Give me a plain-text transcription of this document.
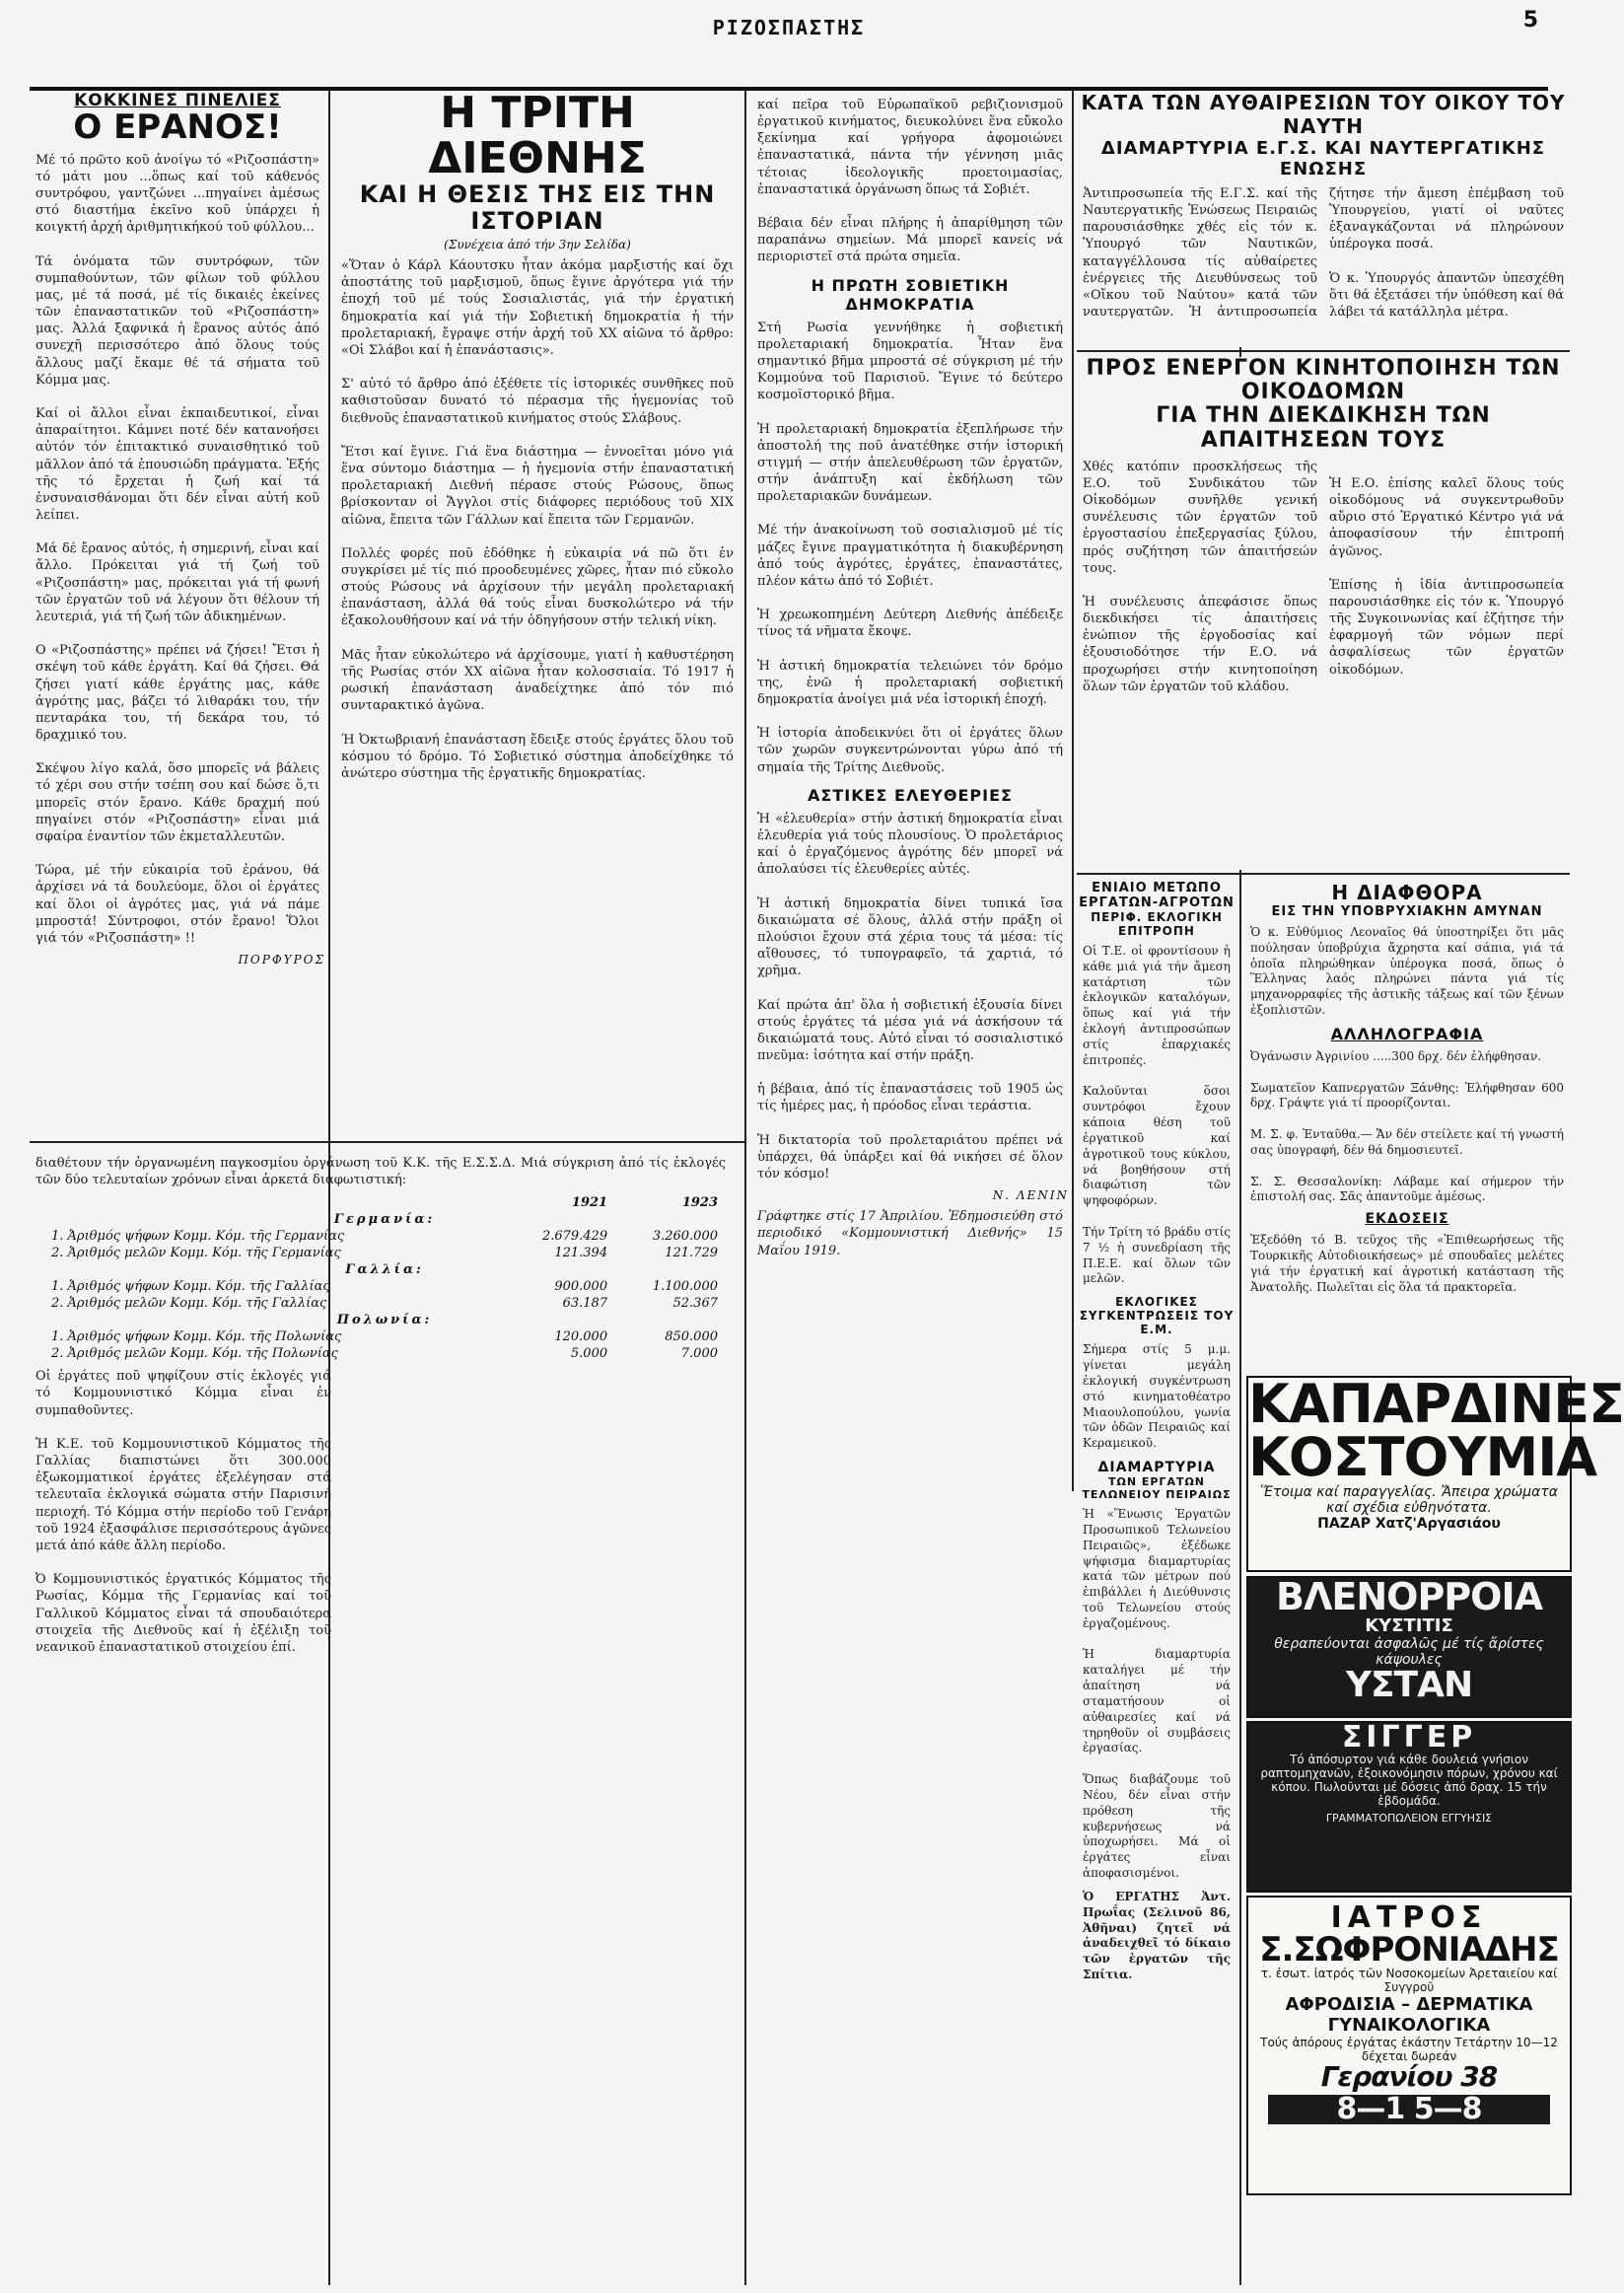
ΡΙΖΟΣΠΑΣΤΗΣ	5
ΚΟΚΚΙΝΕΣ ΠΙΝΕΛΙΕΣ
Ο ΕΡΑΝΟΣ!
Μέ τό πρῶτο κοῦ ἀνοίγω τό «Ριζοσπάστη» τό μάτι μου ...ὅπως καί τοῦ κάθενός συντρόφου, γαντζώνει ...πηγαίνει ἀμέσως στό διαστήμα ἐκεῖνο κοῦ ὑπάρχει ἡ κοιγκτή ἀρχή ἀριθμητικήκού τοῦ φύλλου...

Τά ὀνόματα τῶν συντρόφων, τῶν συμπαθούντων, τῶν φίλων τοῦ φύλλου μας, μέ τά ποσά, μέ τίς δικαιές ἐκείνες τῶν ἐπαναστατικῶν τοῦ «Ριζοσπάστη» μας. Ἀλλά ξαφνικά ἡ ἔρανος αὐτός ἀπό συνεχῆ περισσότερο ἀπό ὅλους τούς ἄλλους μαζί ἔκαμε θέ τά σήματα τοῦ Κόμμα μας.

Καί οἱ ἄλλοι εἶναι ἐκπαιδευτικοί, εἶναι ἀπαραίτητοι. Κάμνει ποτέ δέν κατανοήσει αὐτόν τόν ἐπιτακτικό συναισθητικό τοῦ μᾶλλον ἀπό τά ἐπουσιώδη πράγματα. Ἐξής τῆς τό ἔρχεται ἡ ζωή καί τά ἐνσυναισθάνομαι ὅτι δέν εἶναι αὐτή κοῦ λείπει.

Μά δέ ἔρανος αὐτός, ἡ σημερινή, εἶναι καί ἄλλο. Πρόκειται γιά τή ζωή τοῦ «Ριζοσπάστη» μας, πρόκειται γιά τή φωνή τῶν ἐργατῶν τοῦ νά λέγουν ὅτι θέλουν τή λευτεριά, γιά τή ζωή τῶν ἀδικημένων.

Ο «Ριζοσπάστης» πρέπει νά ζήσει! Ἔτσι ἡ σκέψη τοῦ κάθε ἐργάτη. Καί θά ζήσει. Θά ζήσει γιατί κάθε ἐργάτης μας, κάθε ἀγρότης μας, βάζει τό λιθαράκι του, τήν πενταράκα του, τή δεκάρα του, τό δραχμικό του.

Σκέψου λίγο καλά, ὅσο μπορεῖς νά βάλεις τό χέρι σου στήν τσέπη σου καί δώσε ὅ,τι μπορεῖς στόν ἔρανο. Κάθε δραχμή πού πηγαίνει στόν «Ριζοσπάστη» εἶναι μιά σφαίρα ἐναντίον τῶν ἐκμεταλλευτῶν.

Τώρα, μέ τήν εὐκαιρία τοῦ ἐράνου, θά ἀρχίσει νά τά δουλεύομε, ὅλοι οἱ ἐργάτες καί ὅλοι οἱ ἀγρότες μας, γιά νά πάμε μπροστά! Σύντροφοι, στόν ἔρανο! Ὅλοι γιά τόν «Ριζοσπάστη» !!
ΠΟΡΦΥΡΟΣ
Η ΤΡΙΤΗ ΔΙΕΘΝΗΣ
ΚΑΙ Η ΘΕΣΙΣ ΤΗΣ ΕΙΣ ΤΗΝ ΙΣΤΟΡΙΑΝ
(Συνέχεια ἀπό τήν 3ην Σελίδα)
«Ὅταν ὁ Κάρλ Κάουτσκυ ἦταν ἀκόμα μαρξιστής καί ὄχι ἀποστάτης τοῦ μαρξισμοῦ, ὅπως ἔγινε ἀργότερα γιά τήν ἐποχή τοῦ μέ τούς Σοσιαλιστάς, γιά τήν ἐργατική δημοκρατία καί γιά τήν Σοβιετική δημοκρατία ἡ τήν προλεταριακή, ἔγραψε στήν ἀρχή τοῦ ΧΧ αἰῶνα τό ἄρθρο: «Οἱ Σλάβοι καί ἡ ἐπανάστασις».

Σ' αὐτό τό ἄρθρο ἀπό ἐξέθετε τίς ἱστορικές συνθῆκες ποῦ καθιστοῦσαν δυνατό τό πέρασμα τῆς ἡγεμονίας τοῦ διεθνοῦς ἐπαναστατικοῦ κινήματος στούς Σλάβους.

Ἔτσι καί ἔγινε. Γιά ἕνα διάστημα — ἐννοεῖται μόνο γιά ἕνα σύντομο διάστημα — ἡ ἡγεμονία στήν ἐπαναστατική προλεταριακή Διεθνή πέρασε στούς Ρώσους, ὅπως βρίσκονταν οἱ Ἄγγλοι στίς διάφορες περιόδους τοῦ XIX αἰῶνα, ἔπειτα τῶν Γάλλων καί ἔπειτα τῶν Γερμανῶν.

Πολλές φορές ποῦ ἐδόθηκε ἡ εὐκαιρία νά πῶ ὅτι ἐν συγκρίσει μέ τίς πιό προοδευμένες χῶρες, ἦταν πιό εὔκολο στούς Ρώσους νά ἀρχίσουν τήν μεγάλη προλεταριακή ἐπανάσταση, ἀλλά θά τούς εἶναι δυσκολώτερο νά τήν ἐξακολουθήσουν καί νά τήν ὁδηγήσουν στήν τελική νίκη.

Μᾶς ἦταν εὐκολώτερο νά ἀρχίσουμε, γιατί ἡ καθυστέρηση τῆς Ρωσίας στόν XX αἰῶνα ἦταν κολοσσιαία. Τό 1917 ἡ ρωσική ἐπανάσταση ἀναδείχτηκε ἀπό τόν πιό συνταρακτικό ἀγῶνα.

Ή Ὀκτωβριανή ἐπανάσταση ἔδειξε στούς ἐργάτες ὅλου τοῦ κόσμου τό δρόμο. Τό Σοβιετικό σύστημα ἀποδείχθηκε τό ἀνώτερο σύστημα τῆς ἐργατικῆς δημοκρατίας.
διαθέτουν τήν ὀργανωμένη παγκοσμίου ὀργάνωση τοῦ Κ.Κ. τῆς Ε.Σ.Σ.Δ. Μιά σύγκριση ἀπό τίς ἐκλογές τῶν δύο τελευταίων χρόνων εἶναι ἀρκετά διαφωτιστική:
	1921	1923
Γερμανία:		
1. Ἀριθμός ψήφων Κομμ. Κόμ. τῆς Γερμανίας	2.679.429	3.260.000
2. Ἀριθμός μελῶν Κομμ. Κόμ. τῆς Γερμανίας	121.394	121.729
Γαλλία:		
1. Ἀριθμός ψήφων Κομμ. Κόμ. τῆς Γαλλίας	900.000	1.100.000
2. Ἀριθμός μελῶν Κομμ. Κόμ. τῆς Γαλλίας	63.187	52.367
Πολωνία:		
1. Ἀριθμός ψήφων Κομμ. Κόμ. τῆς Πολωνίας	120.000	850.000
2. Ἀριθμός μελῶν Κομμ. Κόμ. τῆς Πολωνίας	5.000	7.000
Οἱ ἐργάτες ποῦ ψηφίζουν στίς ἐκλογές γιά τό Κομμουνιστικό Κόμμα εἶναι ἐν συμπαθοῦντες.

Ἡ Κ.Ε. τοῦ Κομμουνιστικοῦ Κόμματος τῆς Γαλλίας διαπιστώνει ὅτι 300.000 ἐξωκομματικοί ἐργάτες ἐξελέγησαν στά τελευταῖα ἐκλογικά σώματα στήν Παρισινή περιοχή. Τό Κόμμα στήν περίοδο τοῦ Γενάρη τοῦ 1924 ἐξασφάλισε περισσότερους ἀγῶνες μετά ἀπό κάθε ἄλλη περίοδο.

Ὀ Κομμουνιστικός ἐργατικός Κόμματος τῆς Ρωσίας, Κόμμα τῆς Γερμανίας καί τοῦ Γαλλικοῦ Κόμματος εἶναι τά σπουδαιότερα στοιχεῖα τῆς Διεθνοῦς καί ἡ ἐξέλιξη τοῦ νεανικοῦ ἐπαναστατικοῦ στοιχείου ἐπί.
καί πεῖρα τοῦ Εὐρωπαϊκοῦ ρεβιζιονισμοῦ ἐργατικοῦ κινήματος, διευκολύνει ἕνα εὔκολο ξεκίνημα καί γρήγορα ἀφομοιώνει ἐπαναστατικά, πάντα τήν γέννηση μιᾶς τέτοιας ἰδεολογικῆς προετοιμασίας, ἐπαναστατικά ὀργάνωση ὅπως τά Σοβιέτ.

Βέβαια δέν εἶναι πλήρης ἡ ἀπαρίθμηση τῶν παραπάνω σημείων. Μά μπορεῖ κανείς νά περιοριστεῖ στά πρώτα σημεῖα.
Η ΠΡΩΤΗ ΣΟΒΙΕΤΙΚΗ ΔΗΜΟΚΡΑΤΙΑ
Στή Ρωσία γεννήθηκε ἡ σοβιετική προλεταριακή δημοκρατία. Ἦταν ἕνα σημαντικό βῆμα μπροστά σέ σύγκριση μέ τήν Κομμούνα τοῦ Παρισιοῦ. Ἔγινε τό δεύτερο κοσμοϊστορικό βῆμα.

Ἡ προλεταριακή δημοκρατία ἐξεπλήρωσε τήν ἀποστολή της ποῦ ἀνατέθηκε στήν ἱστορική στιγμή — στήν ἀπελευθέρωση τῶν ἐργατῶν, στήν ἀνάπτυξη καί ἐκδήλωση τῶν προλεταριακῶν δυνάμεων.

Μέ τήν ἀνακοίνωση τοῦ σοσιαλισμοῦ μέ τίς μάζες ἔγινε πραγματικότητα ἡ διακυβέρνηση ἀπό τούς ἀγρότες, ἐργάτες, ἐπαναστάτες, πλέον κάτω ἀπό τό Σοβιέτ.

Ἡ χρεωκοπημένη Δεύτερη Διεθνής ἀπέδειξε τίνος τά νῆματα ἔκοψε.

Ἡ ἀστική δημοκρατία τελειώνει τόν δρόμο της, ἐνῶ ἡ προλεταριακή σοβιετική δημοκρατία ἀνοίγει μιά νέα ἱστορική ἐποχή.

Ἡ ἱστορία ἀποδεικνύει ὅτι οἱ ἐργάτες ὅλων τῶν χωρῶν συγκεντρώνονται γύρω ἀπό τή σημαία τῆς Τρίτης Διεθνοῦς.
ΑΣΤΙΚΕΣ ΕΛΕΥΘΕΡΙΕΣ
Ἡ «ἐλευθερία» στήν ἀστική δημοκρατία εἶναι ἐλευθερία γιά τούς πλουσίους. Ὁ προλετάριος καί ὁ ἐργαζόμενος ἀγρότης δέν μπορεῖ νά ἀπολαύσει τίς ἐλευθερίες αὐτές.

Ἡ ἀστική δημοκρατία δίνει τυπικά ἴσα δικαιώματα σέ ὅλους, ἀλλά στήν πράξη οἱ πλούσιοι ἔχουν στά χέρια τους τά μέσα: τίς αἴθουσες, τό τυπογραφεῖο, τά χαρτιά, τό χρῆμα.

Καί πρώτα ἀπ' ὅλα ἡ σοβιετική ἐξουσία δίνει στούς ἐργάτες τά μέσα γιά νά ἀσκήσουν τά δικαιώματά τους. Αὐτό εἶναι τό σοσιαλιστικό πνεῦμα: ἰσότητα καί στήν πράξη.

ἡ βέβαια, ἀπό τίς ἐπαναστάσεις τοῦ 1905 ὡς τίς ἡμέρες μας, ἡ πρόοδος εἶναι τεράστια.

Ἡ δικτατορία τοῦ προλεταριάτου πρέπει νά ὑπάρχει, θά ὑπάρξει καί θά νικήσει σέ ὅλον τόν κόσμο!
Ν. ΛΕΝΙΝ
Γράφτηκε στίς 17 Ἀπριλίου. Ἐδημοσιεύθη στό περιοδικό «Κομμουνιστική Διεθνής» 15 Μαΐου 1919.
ΚΑΤΑ ΤΩΝ ΑΥΘΑΙΡΕΣΙΩΝ ΤΟΥ ΟΙΚΟΥ ΤΟΥ ΝΑΥΤΗ
ΔΙΑΜΑΡΤΥΡΙΑ Ε.Γ.Σ. ΚΑΙ ΝΑΥΤΕΡΓΑΤΙΚΗΣ ΕΝΩΣΗΣ
Ἀντιπροσωπεία τῆς Ε.Γ.Σ. καί τῆς Ναυτεργατικῆς Ἑνώσεως Πειραιῶς παρουσιάσθηκε χθές εἰς τόν κ. Ὑπουργό τῶν Ναυτικῶν, καταγγέλλουσα τίς αὐθαίρετες ἐνέργειες τῆς Διευθύνσεως τοῦ «Οἴκου τοῦ Ναύτου» κατά τῶν ναυτεργατῶν. Ἡ ἀντιπροσωπεία ζήτησε τήν ἄμεση ἐπέμβαση τοῦ Ὑπουργείου, γιατί οἱ ναῦτες ἐξαναγκάζονται νά πληρώνουν ὑπέρογκα ποσά.

Ὁ κ. Ὑπουργός ἀπαντῶν ὑπεσχέθη ὅτι θά ἐξετάσει τήν ὑπόθεση καί θά λάβει τά κατάλληλα μέτρα.
ΠΡΟΣ ΕΝΕΡΓΟΝ ΚΙΝΗΤΟΠΟΙΗΣΗ ΤΩΝ ΟΙΚΟΔΟΜΩΝ
ΓΙΑ ΤΗΝ ΔΙΕΚΔΙΚΗΣΗ ΤΩΝ ΑΠΑΙΤΗΣΕΩΝ ΤΟΥΣ
Χθές κατόπιν προσκλήσεως τῆς Ε.Ο. τοῦ Συνδικάτου τῶν Οἰκοδόμων συνῆλθε γενική συνέλευσις τῶν ἐργατῶν τοῦ ἐργοστασίου ἐπεξεργασίας ξύλου, πρός συζήτηση τῶν ἀπαιτήσεών τους.

Ἡ συνέλευσις ἀπεφάσισε ὅπως διεκδικήσει τίς ἀπαιτήσεις ἐνώπιον τῆς ἐργοδοσίας καί ἐξουσιοδότησε τήν Ε.Ο. νά προχωρήσει στήν κινητοποίηση ὅλων τῶν ἐργατῶν τοῦ κλάδου.

Ἡ Ε.Ο. ἐπίσης καλεῖ ὅλους τούς οἰκοδόμους νά συγκεντρωθοῦν αὔριο στό Ἐργατικό Κέντρο γιά νά ἀποφασίσουν τήν ἐπιτροπή ἀγῶνος.

Ἐπίσης ἡ ἰδία ἀντιπροσωπεία παρουσιάσθηκε εἰς τόν κ. Ὑπουργό τῆς Συγκοινωνίας καί ἐζήτησε τήν ἐφαρμογή τῶν νόμων περί ἀσφαλίσεως τῶν ἐργατῶν οἰκοδόμων.
ΕΝΙΑΙΟ ΜΕΤΩΠΟ ΕΡΓΑΤΩΝ-ΑΓΡΟΤΩΝ
ΠΕΡΙΦ. ΕΚΛΟΓΙΚΗ ΕΠΙΤΡΟΠΗ
Οἱ Τ.Ε. οἱ φροντίσουν ἡ κάθε μιά γιά τήν ἄμεση κατάρτιση τῶν ἐκλογικῶν καταλόγων, ὅπως καί γιά τήν ἐκλογή ἀντιπροσώπων στίς ἐπαρχιακές ἐπιτροπές.

Καλοῦνται ὅσοι συντρόφοι ἔχουν κάποια θέση τοῦ ἐργατικοῦ καί ἀγροτικοῦ τους κύκλου, νά βοηθήσουν στή διαφώτιση τῶν ψηφοφόρων.

Τήν Τρίτη τό βράδυ στίς 7 ½ ἡ συνεδρίαση τῆς Π.Ε.Ε. καί ὅλων τῶν μελῶν.
ΕΚΛΟΓΙΚΕΣ ΣΥΓΚΕΝΤΡΩΣΕΙΣ ΤΟΥ Ε.Μ.
Σήμερα στίς 5 μ.μ. γίνεται μεγάλη ἐκλογική συγκέντρωση στό κινηματοθέατρο Μιαουλοπούλου, γωνία τῶν ὁδῶν Πειραιῶς καί Κεραμεικοῦ.
ΔΙΑΜΑΡΤΥΡΙΑ
ΤΩΝ ΕΡΓΑΤΩΝ ΤΕΛΩΝΕΙΟΥ ΠΕΙΡΑΙΩΣ
Ἡ «Ἕνωσις Ἐργατῶν Προσωπικοῦ Τελωνείου Πειραιῶς», ἐξέδωκε ψήφισμα διαμαρτυρίας κατά τῶν μέτρων πού ἐπιβάλλει ἡ Διεύθυνσις τοῦ Τελωνείου στούς ἐργαζομένους.

Ἡ διαμαρτυρία καταλήγει μέ τήν ἀπαίτηση νά σταματήσουν οἱ αὐθαιρεσίες καί νά τηρηθοῦν οἱ συμβάσεις ἐργασίας.

Ὅπως διαβάζουμε τοῦ Νέου, δέν εἶναι στήν πρόθεση τῆς κυβερνήσεως νά ὑποχωρήσει. Μά οἱ ἐργάτες εἶναι ἀποφασισμένοι.
Ὁ ΕΡΓΑΤΗΣ Ἀντ. Πρωΐας (Σελινοῦ 86, Ἀθῆναι) ζητεῖ νά ἀναδειχθεῖ τό δίκαιο τῶν ἐργατῶν τῆς Σπίτια.
Η ΔΙΑΦΘΟΡΑ
ΕΙΣ ΤΗΝ ΥΠΟΒΡΥΧΙΑΚΗΝ ΑΜΥΝΑΝ
Ὁ κ. Εὐθύμιος Λεοναῖος θά ὑποστηρίξει ὅτι μᾶς πούλησαν ὑποβρύχια ἄχρηστα καί σάπια, γιά τά ὁποῖα πληρώθηκαν ὑπέρογκα ποσά, ὅπως ὁ Ἕλληνας λαός πληρώνει πάντα γιά τίς μηχανορραφίες τῆς ἀστικῆς τάξεως καί τῶν ξένων ἐξοπλιστῶν.
ΑΛΛΗΛΟΓΡΑΦΙΑ
Ὀγάνωσιν Ἀγρινίου .....300 δρχ. δέν ἐλήφθησαν.

Σωματεῖον Καπνεργατῶν Ξάνθης: Ἐλήφθησαν 600 δρχ. Γράψτε γιά τί προορίζονται.

Μ. Σ. φ. Ἐνταῦθα.— Ἄν δέν στείλετε καί τή γνωστή σας ὑπογραφή, δέν θά δημοσιευτεῖ.

Σ. Σ. Θεσσαλονίκη: Λάβαμε καί σήμερον τήν ἐπιστολή σας. Σᾶς ἀπαντοῦμε ἀμέσως.
ΕΚΔΟΣΕΙΣ
Ἐξεδόθη τό Β. τεῦχος τῆς «Ἐπιθεωρήσεως τῆς Τουρκικῆς Αὐτοδιοικήσεως» μέ σπουδαῖες μελέτες γιά τήν ἐργατική καί ἀγροτική κατάσταση τῆς Ἀνατολῆς. Πωλεῖται εἰς ὅλα τά πρακτορεῖα.
ΚΑΠΑΡΔΙΝΕΣ
ΚΟΣΤΟΥΜΙΑ
Ἕτοιμα καί παραγγελίας. Ἄπειρα χρώματα καί σχέδια εὐθηνότατα.
ΠΑΖΑΡ Χατζ'Αργασιάου
ΒΛΕΝΟΡΡΟΙΑ
ΚΥΣΤΙΤΙΣ
θεραπεύονται ἀσφαλῶς μέ τίς ἄρίστες κάψουλες
ΥΣΤΑΝ
ΣΙΓΓΕΡ
Τό ἀπόσυρτον γιά κάθε δουλειά γνήσιον ραπτομηχανῶν, ἐξοικονόμησιν πόρων, χρόνου καί κόπου. Πωλοῦνται μέ δόσεις ἀπό δραχ. 15 τήν ἑβδομάδα.
ΓΡΑΜΜΑΤΟΠΩΛΕΙΟΝ ΕΓΓΥΗΣΙΣ
ΙΑΤΡΟΣ
Σ.ΣΩΦΡΟΝΙΑΔΗΣ
τ. ἐσωτ. ἰατρός τῶν Νοσοκομείων Ἀρεταιείου καί Συγγροῦ
ΑΦΡΟΔΙΣΙΑ – ΔΕΡΜΑΤΙΚΑ
ΓΥΝΑΙΚΟΛΟΓΙΚΑ
Τούς ἀπόρους ἐργάτας ἑκάστην Τετάρτην 10—12 δέχεται δωρεάν
Γερανίου 38
8—1 5—8
